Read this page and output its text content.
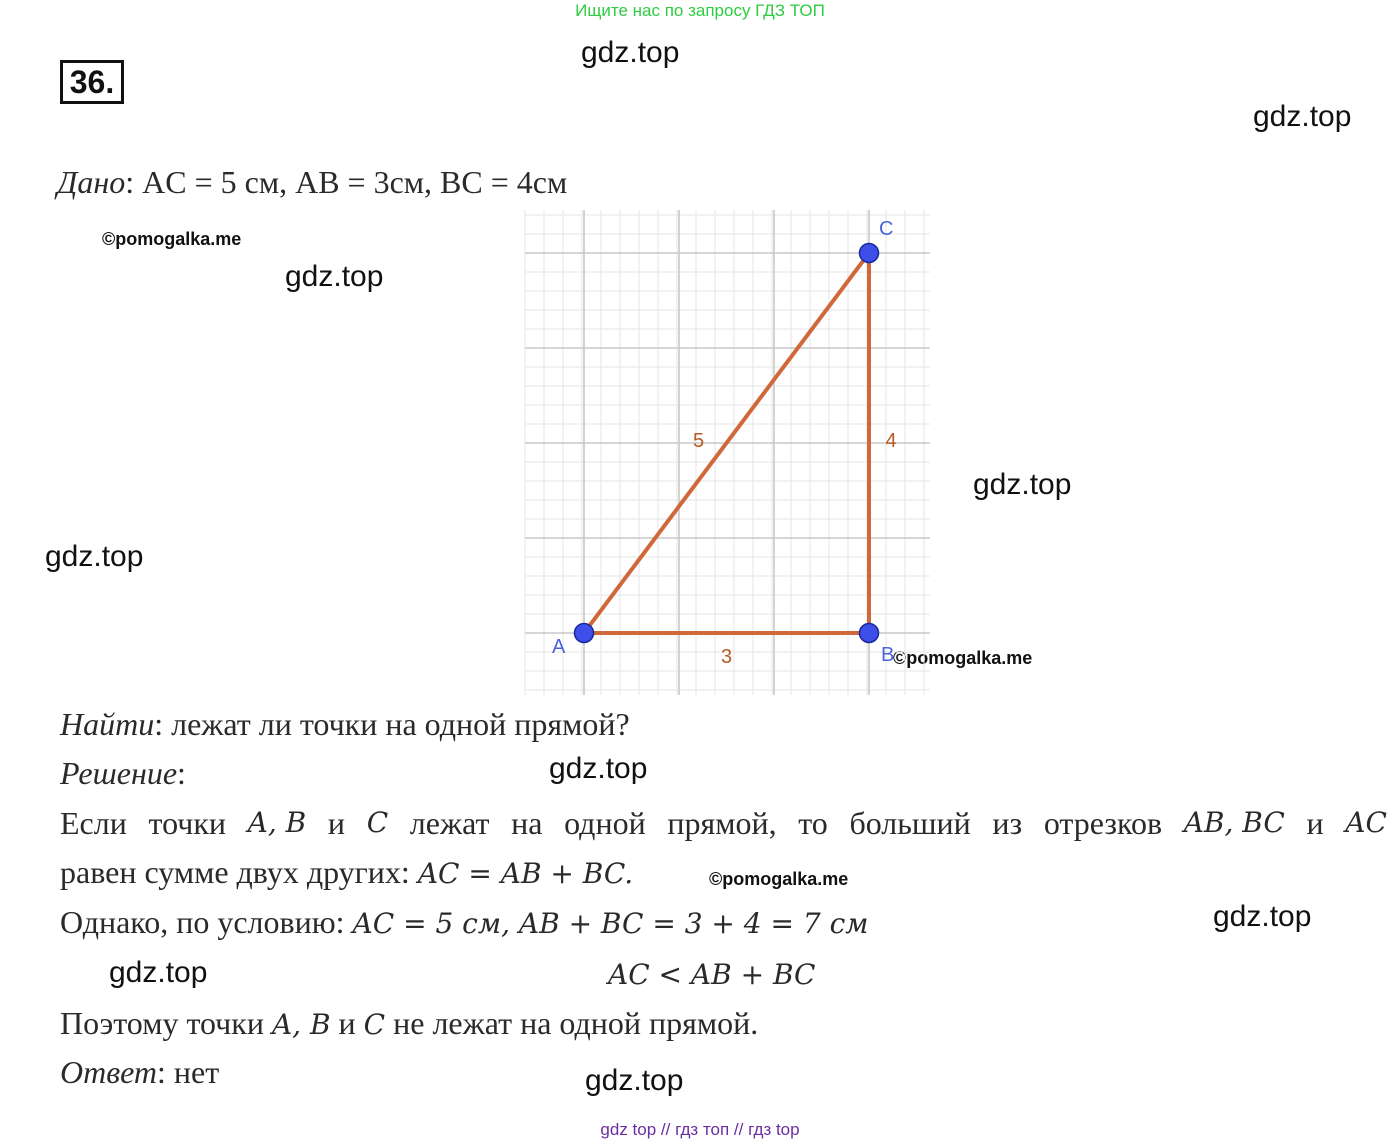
Ищите нас по запросу ГДЗ ТОП
36.
gdz.top
gdz.top
gdz.top
gdz.top
gdz.top
gdz.top
gdz.top
gdz.top
gdz.top
©pomogalka.me
©pomogalka.me
©pomogalka.me
Дано: AC = 5 см, AB = 3см, BC = 4см
3
4
5
A	B
C
Найти: лежат ли точки на одной прямой?
Решение:
Если точки A, B и C лежат на одной прямой, то больший из отрезков AB, BC и AC
равен сумме двух других: AC = AB + BC.
Однако, по условию: AC = 5 см, AB + BC = 3 + 4 = 7 см
AC < AB + BC
Поэтому точки A, B и C не лежат на одной прямой.
Ответ: нет
gdz top // гдз топ // гдз top
